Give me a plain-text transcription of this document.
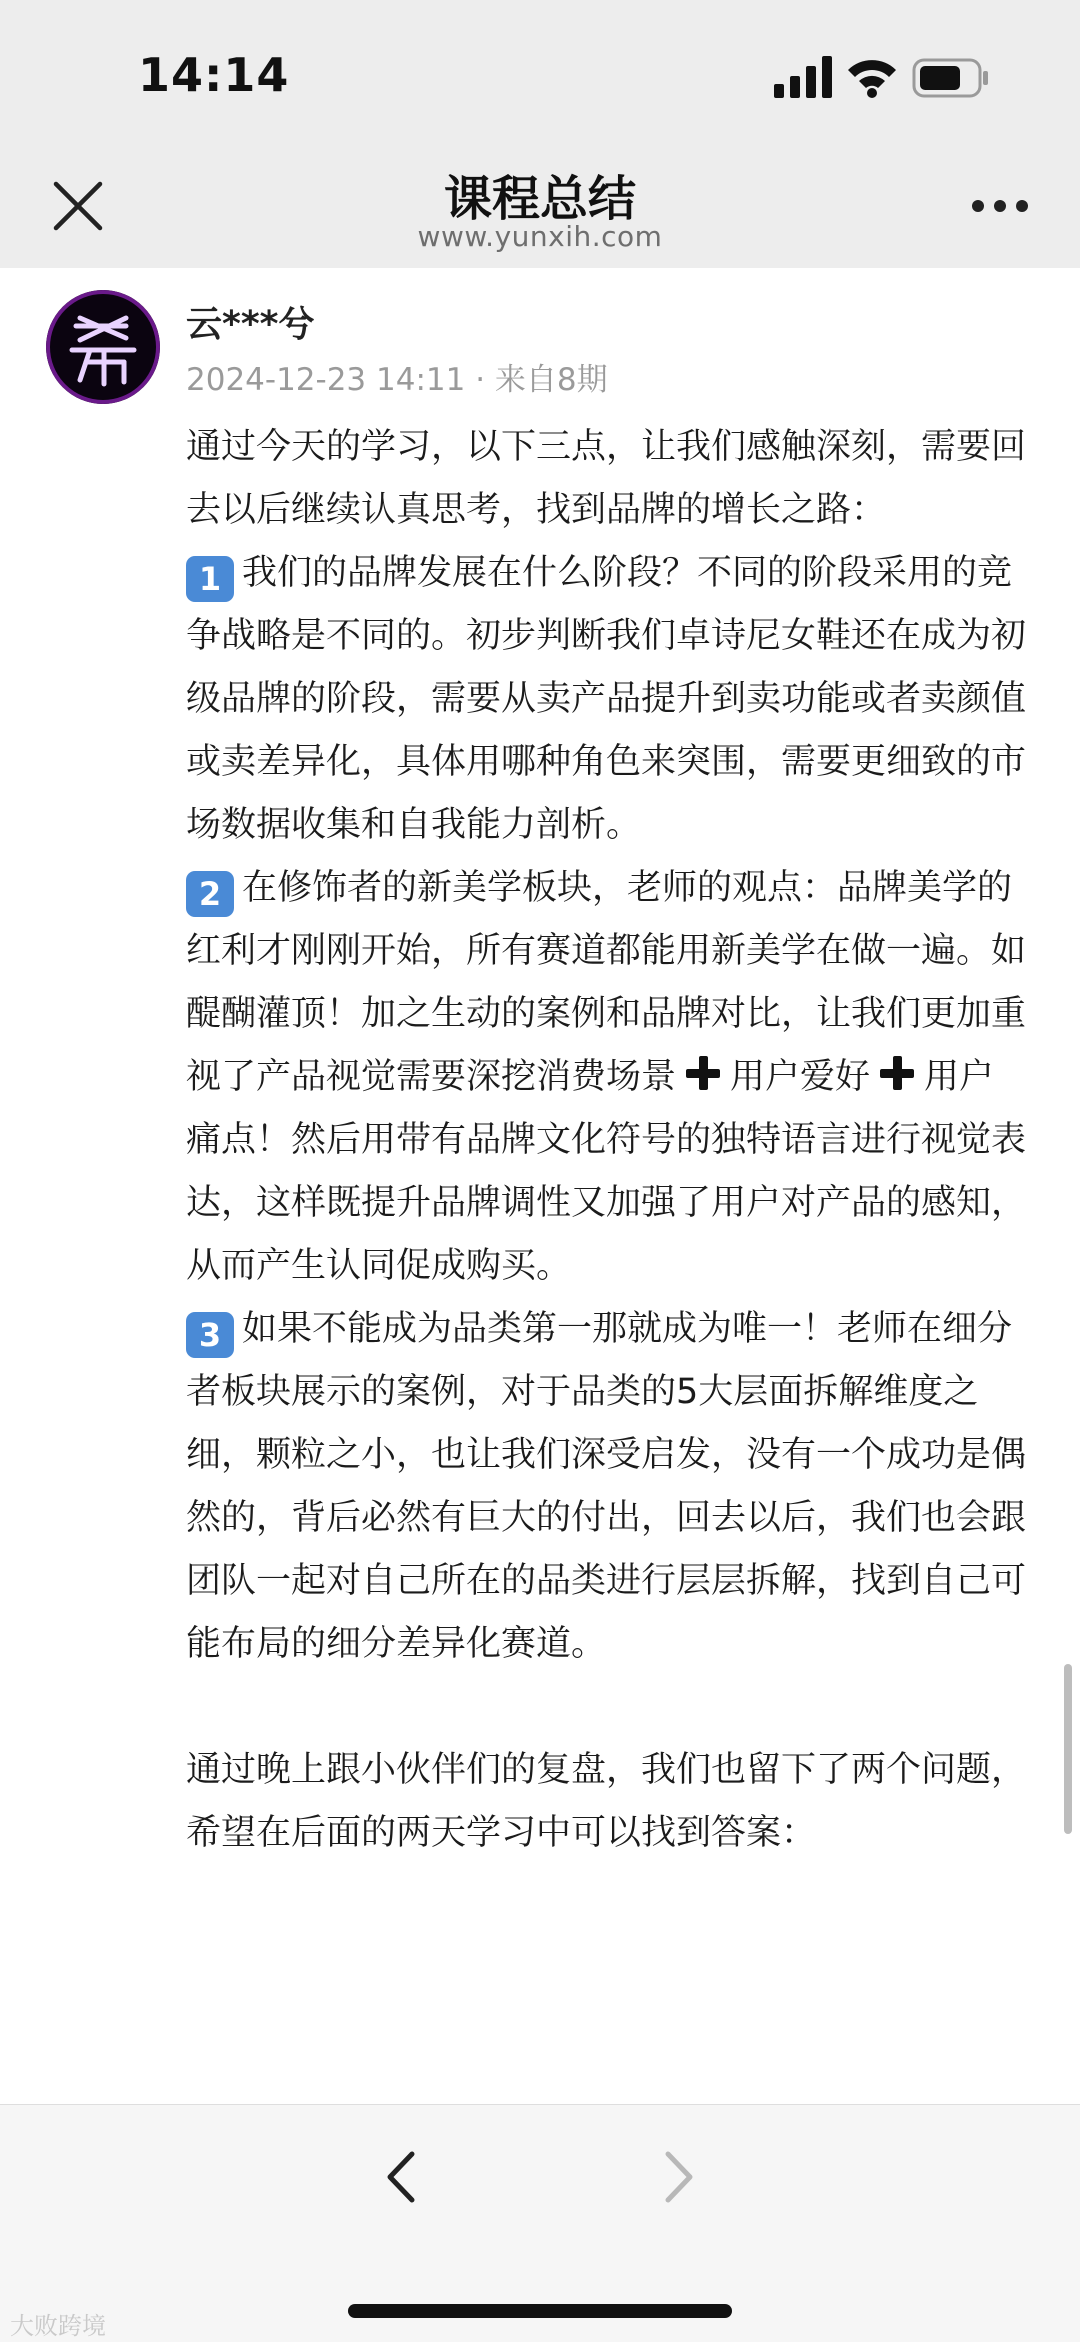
14:14
课程总结
www.yunxih.com
云***兮
2024-12-23 14:11 · 来自8期

通过今天的学习，以下三点，让我们感触深刻，需要回去以后继续认真思考，找到品牌的增长之路：

1 我们的品牌发展在什么阶段？不同的阶段采用的竞争战略是不同的。初步判断我们卓诗尼女鞋还在成为初级品牌的阶段，需要从卖产品提升到卖功能或者卖颜值或卖差异化，具体用哪种角色来突围，需要更细致的市场数据收集和自我能力剖析。

2 在修饰者的新美学板块，老师的观点：品牌美学的红利才刚刚开始，所有赛道都能用新美学在做一遍。如醍醐灌顶！加之生动的案例和品牌对比，让我们更加重视了产品视觉需要深挖消费场景 用户爱好 用户痛点！然后用带有品牌文化符号的独特语言进行视觉表达，这样既提升品牌调性又加强了用户对产品的感知，从而产生认同促成购买。

3 如果不能成为品类第一那就成为唯一！老师在细分者板块展示的案例，对于品类的5大层面拆解维度之细，颗粒之小，也让我们深受启发，没有一个成功是偶然的，背后必然有巨大的付出，回去以后，我们也会跟团队一起对自己所在的品类进行层层拆解，找到自己可能布局的细分差异化赛道。

通过晚上跟小伙伴们的复盘，我们也留下了两个问题，希望在后面的两天学习中可以找到答案：

大败跨境
